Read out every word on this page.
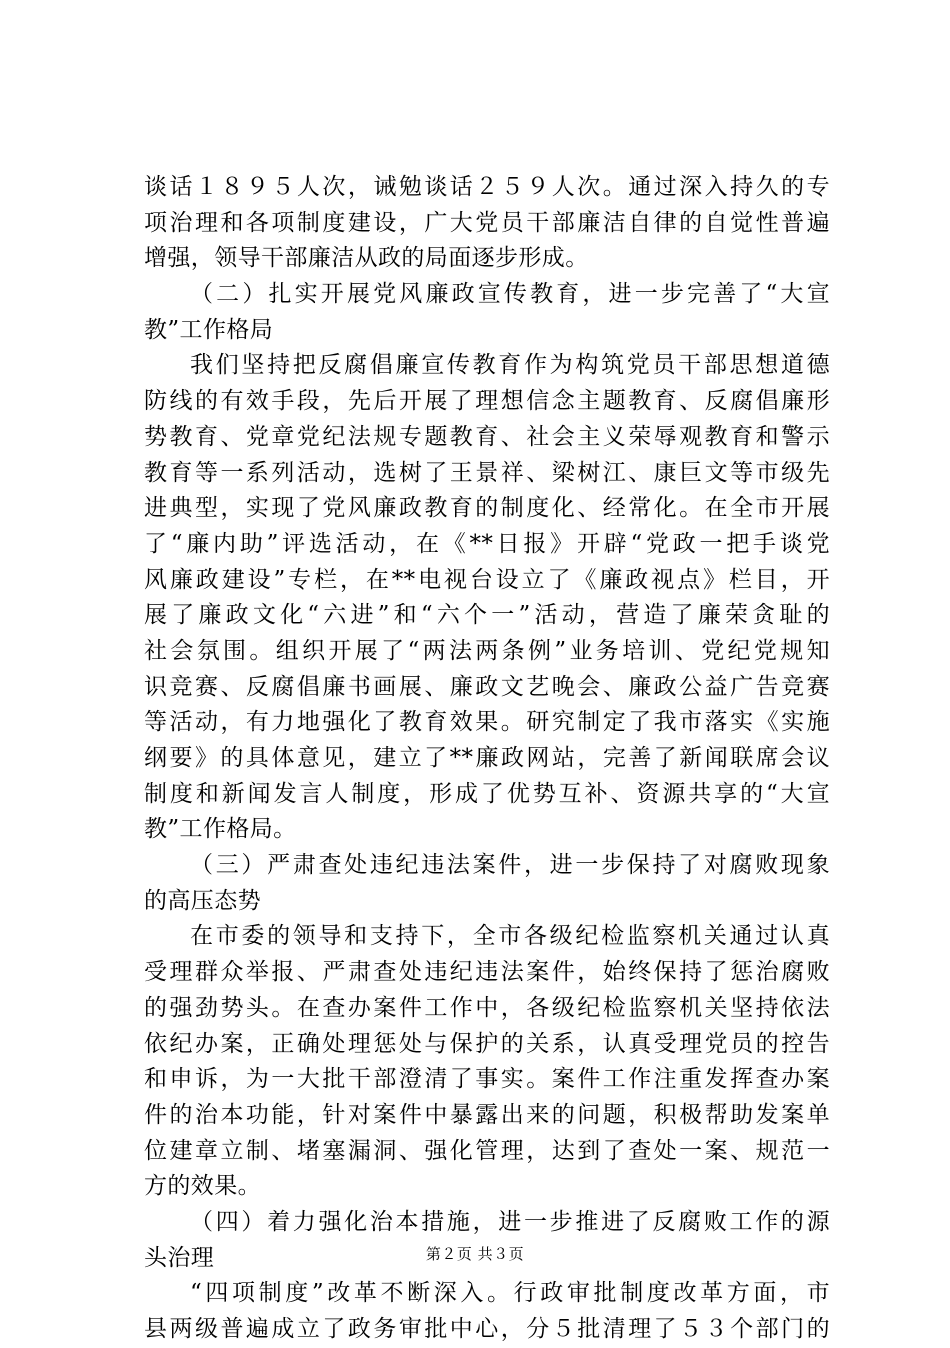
谈话１８９５人次，诫勉谈话２５９人次。通过深入持久的专
项治理和各项制度建设，广大党员干部廉洁自律的自觉性普遍
增强，领导干部廉洁从政的局面逐步形成。
（二）扎实开展党风廉政宣传教育，进一步完善了“大宣
教”工作格局
我们坚持把反腐倡廉宣传教育作为构筑党员干部思想道德
防线的有效手段，先后开展了理想信念主题教育、反腐倡廉形
势教育、党章党纪法规专题教育、社会主义荣辱观教育和警示
教育等一系列活动，选树了王景祥、梁树江、康巨文等市级先
进典型，实现了党风廉政教育的制度化、经常化。在全市开展
了“廉内助”评选活动，在《**日报》开辟“党政一把手谈党
风廉政建设”专栏，在**电视台设立了《廉政视点》栏目，开
展了廉政文化“六进”和“六个一”活动，营造了廉荣贪耻的
社会氛围。组织开展了“两法两条例”业务培训、党纪党规知
识竞赛、反腐倡廉书画展、廉政文艺晚会、廉政公益广告竞赛
等活动，有力地强化了教育效果。研究制定了我市落实《实施
纲要》的具体意见，建立了**廉政网站，完善了新闻联席会议
制度和新闻发言人制度，形成了优势互补、资源共享的“大宣
教”工作格局。
（三）严肃查处违纪违法案件，进一步保持了对腐败现象
的高压态势
在市委的领导和支持下，全市各级纪检监察机关通过认真
受理群众举报、严肃查处违纪违法案件，始终保持了惩治腐败
的强劲势头。在查办案件工作中，各级纪检监察机关坚持依法
依纪办案，正确处理惩处与保护的关系，认真受理党员的控告
和申诉，为一大批干部澄清了事实。案件工作注重发挥查办案
件的治本功能，针对案件中暴露出来的问题，积极帮助发案单
位建章立制、堵塞漏洞、强化管理，达到了查处一案、规范一
方的效果。
（四）着力强化治本措施，进一步推进了反腐败工作的源
头治理
“四项制度”改革不断深入。行政审批制度改革方面，市
县两级普遍成立了政务审批中心，分５批清理了５３个部门的
第２页 共３页
